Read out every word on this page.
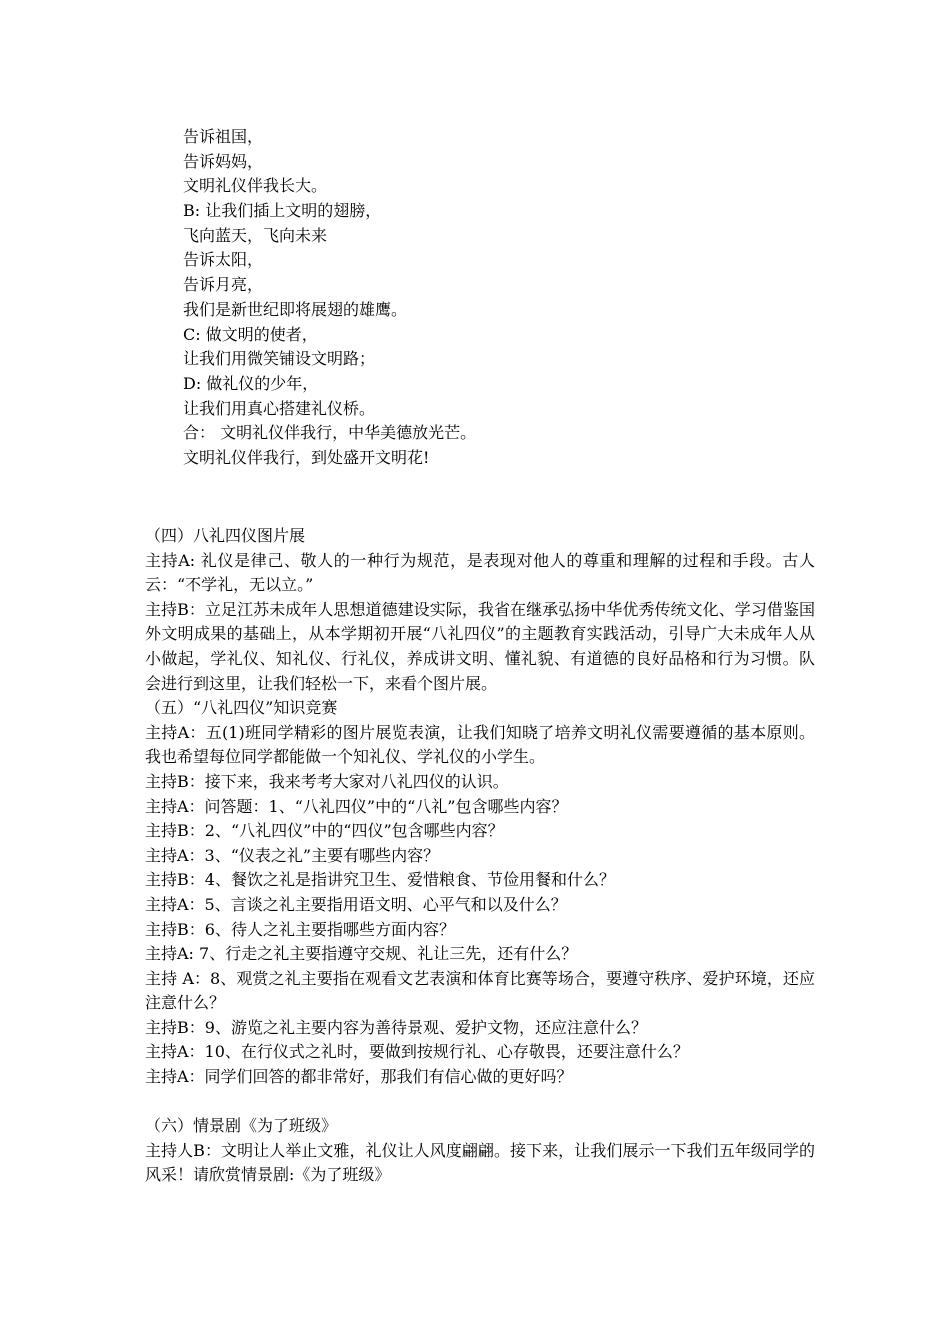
告诉祖国，
告诉妈妈，
文明礼仪伴我长大。
B: 让我们插上文明的翅膀，
飞向蓝天，飞向未来
告诉太阳，
告诉月亮，
我们是新世纪即将展翅的雄鹰。
C: 做文明的使者，
让我们用微笑铺设文明路；
D: 做礼仪的少年，
让我们用真心搭建礼仪桥。
合： 文明礼仪伴我行，中华美德放光芒。
文明礼仪伴我行，到处盛开文明花!

（四）八礼四仪图片展

主持A: 礼仪是律己、敬人的一种行为规范，是表现对他人的尊重和理解的过程和手段。古人云：“不学礼，无以立。”

主持B：立足江苏未成年人思想道德建设实际，我省在继承弘扬中华优秀传统文化、学习借鉴国外文明成果的基础上，从本学期初开展“八礼四仪”的主题教育实践活动，引导广大未成年人从小做起，学礼仪、知礼仪、行礼仪，养成讲文明、懂礼貌、有道德的良好品格和行为习惯。队会进行到这里，让我们轻松一下，来看个图片展。

（五）“八礼四仪”知识竞赛

主持A：五(1)班同学精彩的图片展览表演，让我们知晓了培养文明礼仪需要遵循的基本原则。我也希望每位同学都能做一个知礼仪、学礼仪的小学生。

主持B：接下来，我来考考大家对八礼四仪的认识。

主持A：问答题：1、“八礼四仪”中的“八礼”包含哪些内容？

主持B：2、“八礼四仪”中的“四仪”包含哪些内容？

主持A：3、“仪表之礼”主要有哪些内容？

主持B：4、餐饮之礼是指讲究卫生、爱惜粮食、节俭用餐和什么？

主持A：5、言谈之礼主要指用语文明、心平气和以及什么？

主持B：6、待人之礼主要指哪些方面内容？

主持A: 7、行走之礼主要指遵守交规、礼让三先，还有什么？

主持 A：8、观赏之礼主要指在观看文艺表演和体育比赛等场合，要遵守秩序、爱护环境，还应注意什么？

主持B：9、游览之礼主要内容为善待景观、爱护文物，还应注意什么？

主持A：10、在行仪式之礼时，要做到按规行礼、心存敬畏，还要注意什么？

主持A：同学们回答的都非常好，那我们有信心做的更好吗？

（六）情景剧《为了班级》

主持人B：文明让人举止文雅，礼仪让人风度翩翩。接下来，让我们展示一下我们五年级同学的风采！请欣赏情景剧:《为了班级》
